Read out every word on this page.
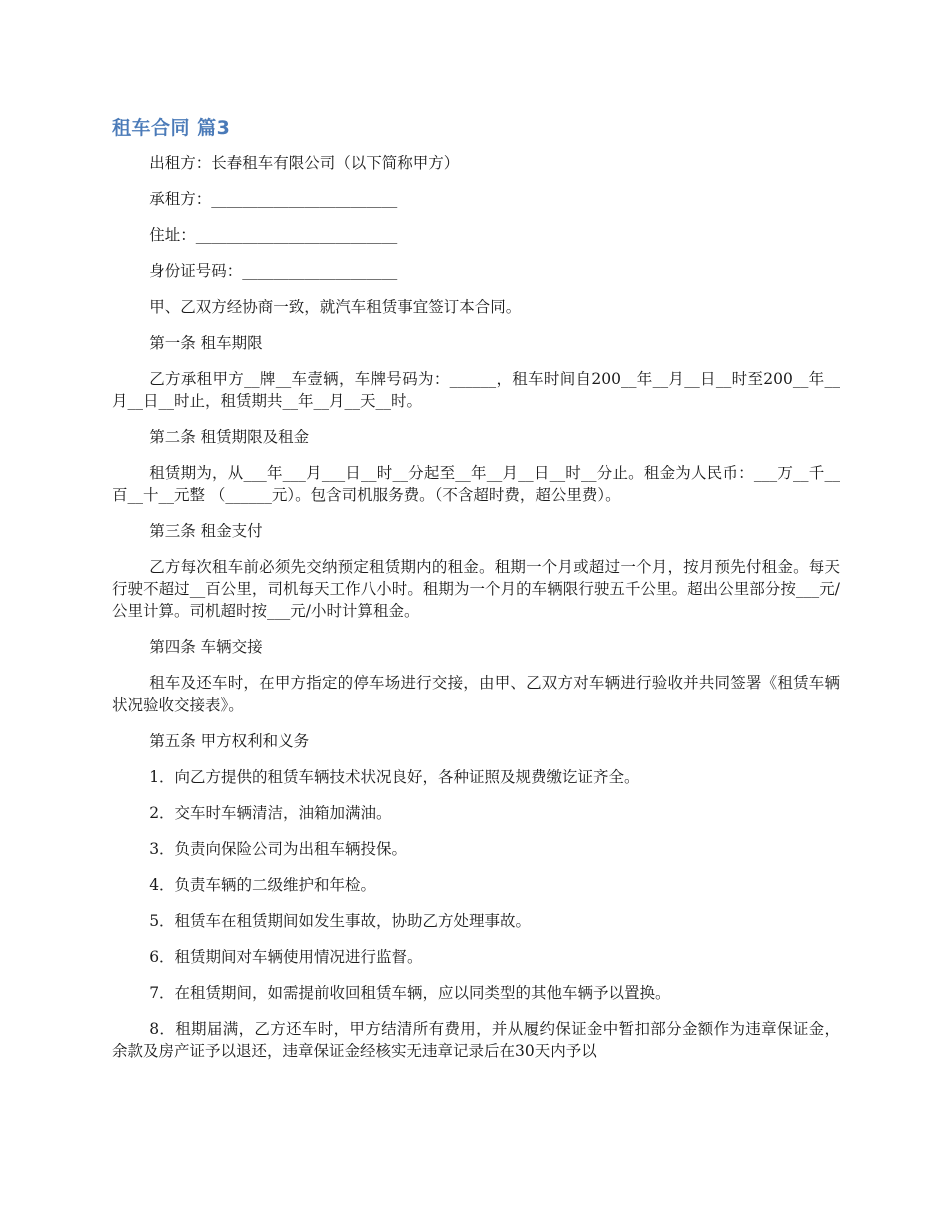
租车合同 篇3

出租方：长春租车有限公司（以下简称甲方）

承租方：________________________

住址：__________________________

身份证号码：____________________

甲、乙双方经协商一致，就汽车租赁事宜签订本合同。

第一条 租车期限

乙方承租甲方__牌__车壹辆，车牌号码为：______，租车时间自200__年__月__日__时至200__年__月__日__时止，租赁期共__年__月__天__时。

第二条 租赁期限及租金

租赁期为，从___年___月___日__时__分起至__年__月__日__时__分止。租金为人民币：___万__千__百__十__元整 （______元）。包含司机服务费。（不含超时费，超公里费）。

第三条 租金支付

乙方每次租车前必须先交纳预定租赁期内的租金。租期一个月或超过一个月，按月预先付租金。每天行驶不超过__百公里，司机每天工作八小时。租期为一个月的车辆限行驶五千公里。超出公里部分按___元/公里计算。司机超时按___元/小时计算租金。

第四条 车辆交接

租车及还车时，在甲方指定的停车场进行交接，由甲、乙双方对车辆进行验收并共同签署《租赁车辆状况验收交接表》。

第五条 甲方权利和义务

1．向乙方提供的租赁车辆技术状况良好，各种证照及规费缴讫证齐全。

2．交车时车辆清洁，油箱加满油。

3．负责向保险公司为出租车辆投保。

4．负责车辆的二级维护和年检。

5．租赁车在租赁期间如发生事故，协助乙方处理事故。

6．租赁期间对车辆使用情况进行监督。

7．在租赁期间，如需提前收回租赁车辆，应以同类型的其他车辆予以置换。

8．租期届满，乙方还车时，甲方结清所有费用，并从履约保证金中暂扣部分金额作为违章保证金，余款及房产证予以退还，违章保证金经核实无违章记录后在30天内予以
